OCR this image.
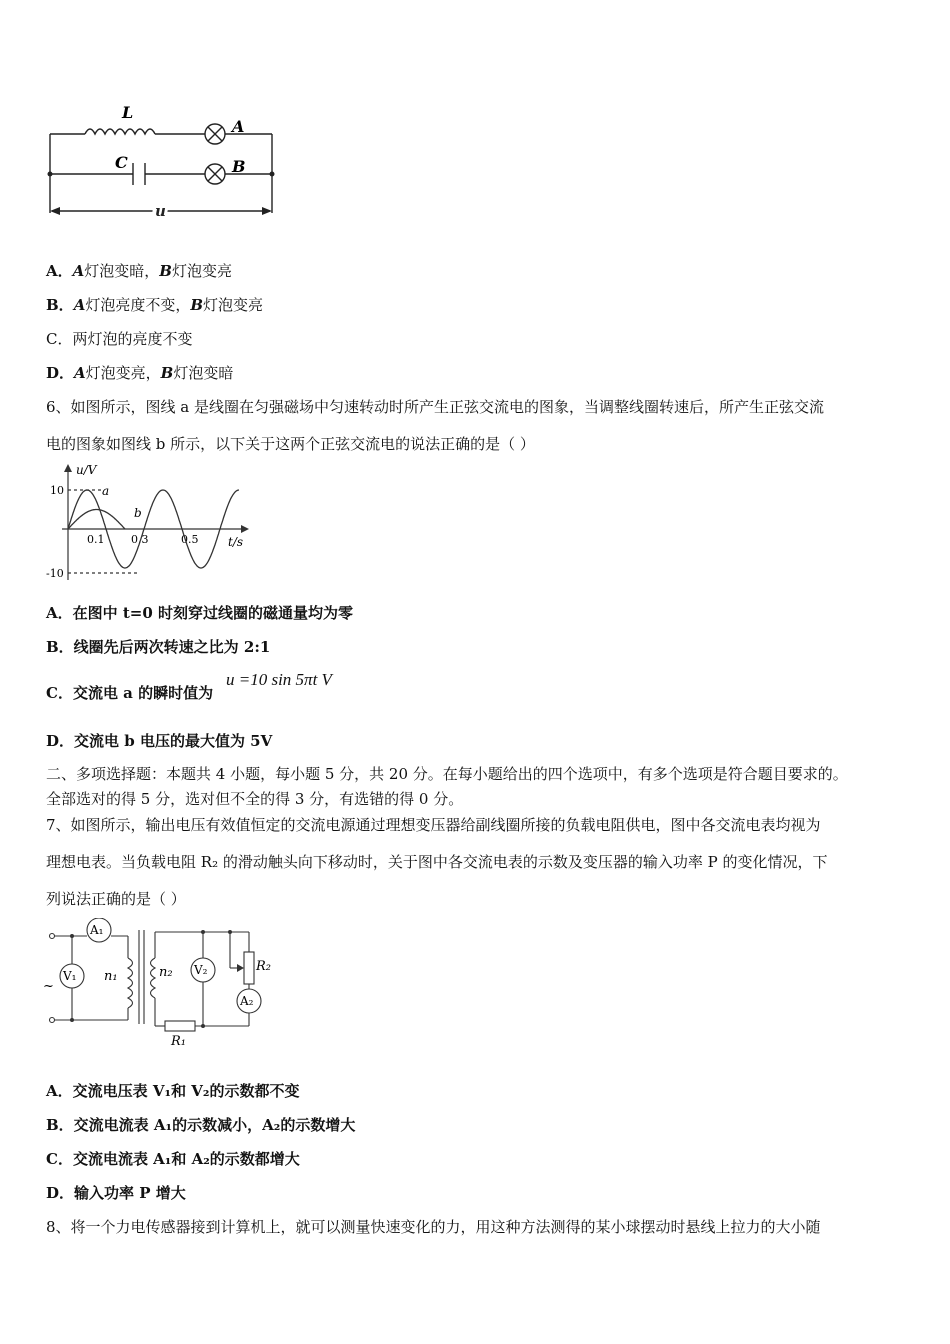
L
C
A
B
u
A．A灯泡变暗，B灯泡变亮
B．A灯泡亮度不变，B灯泡变亮
C．两灯泡的亮度不变
D．A灯泡变亮，B灯泡变暗
6、如图所示，图线 a 是线圈在匀强磁场中匀速转动时所产生正弦交流电的图象，当调整线圈转速后，所产生正弦交流
电的图象如图线 b 所示，以下关于这两个正弦交流电的说法正确的是（ ）
u/V
t/s
10
-10
0.1 0.3	0.5
a
b
A．在图中 t=0 时刻穿过线圈的磁通量均为零
B．线圈先后两次转速之比为 2:1
C．交流电 a 的瞬时值为
u =10 sin 5πt V
D．交流电 b 电压的最大值为 5V
二、多项选择题：本题共 4 小题，每小题 5 分，共 20 分。在每小题给出的四个选项中，有多个选项是符合题目要求的。
全部选对的得 5 分，选对但不全的得 3 分，有选错的得 0 分。
7、如图所示，输出电压有效值恒定的交流电源通过理想变压器给副线圈所接的负载电阻供电，图中各交流电表均视为
理想电表。当负载电阻 R₂ 的滑动触头向下移动时，关于图中各交流电表的示数及变压器的输入功率 P 的变化情况，下
列说法正确的是（ ）
A₁
V₁ n₁	n₂ V₂	R₂
A₂
R₁
~
A．交流电压表 V₁和 V₂的示数都不变
B．交流电流表 A₁的示数减小，A₂的示数增大
C．交流电流表 A₁和 A₂的示数都增大
D．输入功率 P 增大
8、将一个力电传感器接到计算机上，就可以测量快速变化的力，用这种方法测得的某小球摆动时悬线上拉力的大小随
